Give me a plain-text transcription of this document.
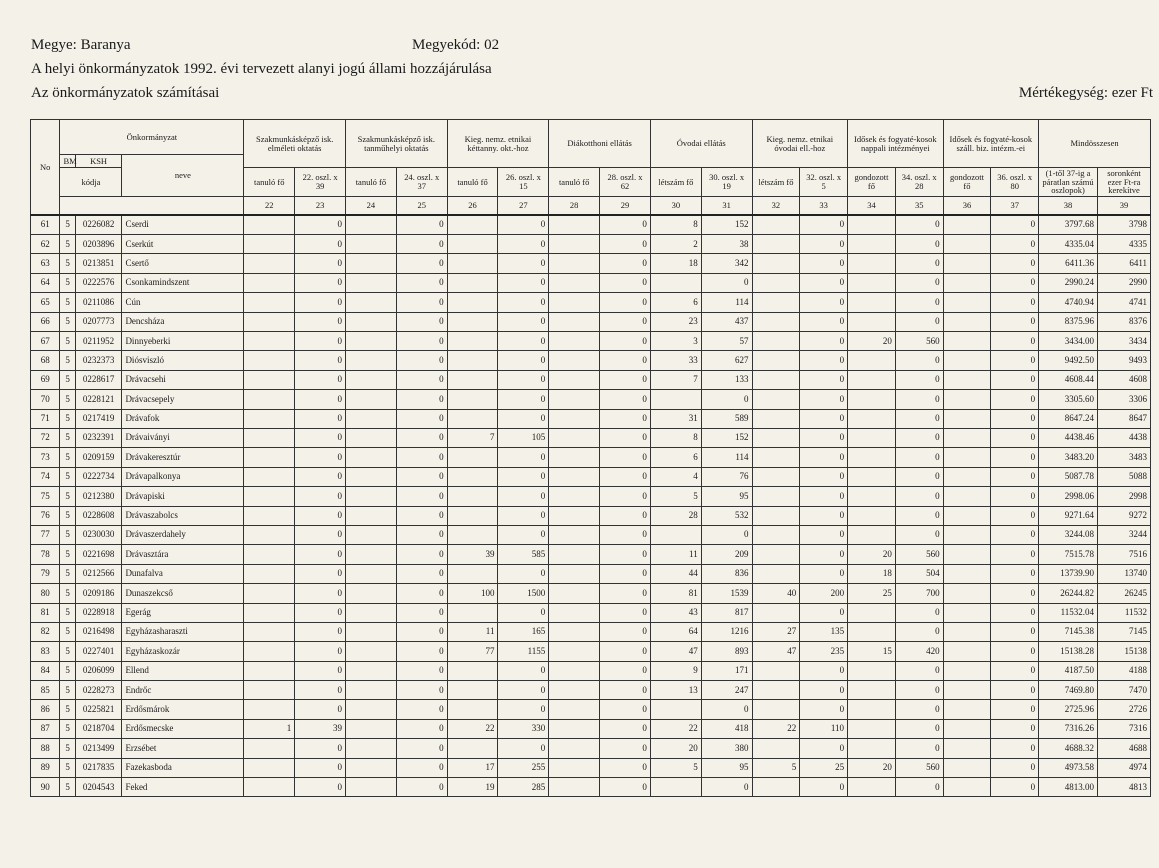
Megye: Baranya	Megyekód: 02
A helyi önkormányzatok 1992. évi tervezett alanyi jogú állami hozzájárulása
Az önkormányzatok számításai	Mértékegység: ezer Ft
No	Önkormányzat			Szakmunkásképző isk. elméleti oktatás		Szakmunkásképző isk. tanműhelyi oktatás		Kieg. nemz. etnikai kéttanny. okt.-hoz		Diákotthoni ellátás		Óvodai ellátás		Kieg. nemz. etnikai óvodai ell.-hoz		Idősek és fogyaté-kosok nappali intézményei		Idősek és fogyaté-kosok száll. biz. intézm.-ei		Mindösszesen	
	BM	KSH	neve																		
	kódja			tanuló fő	22. oszl. x 39	tanuló fő	24. oszl. x 37	tanuló fő	26. oszl. x 15	tanuló fő	28. oszl. x 62	létszám fő	30. oszl. x 19	létszám fő	32. oszl. x 5	gondozott fő	34. oszl. x 28	gondozott fő	36. oszl. x 80	(1-től 37-ig a páratlan számú oszlopok)	soronként ezer Ft-ra kerekítve

				22	23	24	25	26	27	28	29	30	31	32	33	34	35	36	37	38	39
61	5	0226082	Cserdi		0		0		0		0	8	152		0		0		0	3797.68	3798
62	5	0203896	Cserkút		0		0		0		0	2	38		0		0		0	4335.04	4335
63	5	0213851	Csertő		0		0		0		0	18	342		0		0		0	6411.36	6411
64	5	0222576	Csonkamindszent		0		0		0		0		0		0		0		0	2990.24	2990
65	5	0211086	Cún		0		0		0		0	6	114		0		0		0	4740.94	4741
66	5	0207773	Dencsháza		0		0		0		0	23	437		0		0		0	8375.96	8376
67	5	0211952	Dinnyeberki		0		0		0		0	3	57		0	20	560		0	3434.00	3434
68	5	0232373	Diósviszló		0		0		0		0	33	627		0		0		0	9492.50	9493
69	5	0228617	Drávacsehi		0		0		0		0	7	133		0		0		0	4608.44	4608
70	5	0228121	Drávacsepely		0		0		0		0		0		0		0		0	3305.60	3306
71	5	0217419	Drávafok		0		0		0		0	31	589		0		0		0	8647.24	8647
72	5	0232391	Drávaiványi		0		0	7	105		0	8	152		0		0		0	4438.46	4438
73	5	0209159	Drávakeresztúr		0		0		0		0	6	114		0		0		0	3483.20	3483
74	5	0222734	Drávapalkonya		0		0		0		0	4	76		0		0		0	5087.78	5088
75	5	0212380	Drávapiski		0		0		0		0	5	95		0		0		0	2998.06	2998
76	5	0228608	Drávaszabolcs		0		0		0		0	28	532		0		0		0	9271.64	9272
77	5	0230030	Drávaszerdahely		0		0		0		0		0		0		0		0	3244.08	3244
78	5	0221698	Drávasztára		0		0	39	585		0	11	209		0	20	560		0	7515.78	7516
79	5	0212566	Dunafalva		0		0		0		0	44	836		0	18	504		0	13739.90	13740
80	5	0209186	Dunaszekcső		0		0	100	1500		0	81	1539	40	200	25	700		0	26244.82	26245
81	5	0228918	Egerág		0		0		0		0	43	817		0		0		0	11532.04	11532
82	5	0216498	Egyházasharaszti		0		0	11	165		0	64	1216	27	135		0		0	7145.38	7145
83	5	0227401	Egyházaskozár		0		0	77	1155		0	47	893	47	235	15	420		0	15138.28	15138
84	5	0206099	Ellend		0		0		0		0	9	171		0		0		0	4187.50	4188
85	5	0228273	Endrőc		0		0		0		0	13	247		0		0		0	7469.80	7470
86	5	0225821	Erdősmárok		0		0		0		0		0		0		0		0	2725.96	2726
87	5	0218704	Erdősmecske	1	39		0	22	330		0	22	418	22	110		0		0	7316.26	7316
88	5	0213499	Erzsébet		0		0		0		0	20	380		0		0		0	4688.32	4688
89	5	0217835	Fazekasboda		0		0	17	255		0	5	95	5	25	20	560		0	4973.58	4974
90	5	0204543	Feked		0		0	19	285		0		0		0		0		0	4813.00	4813
